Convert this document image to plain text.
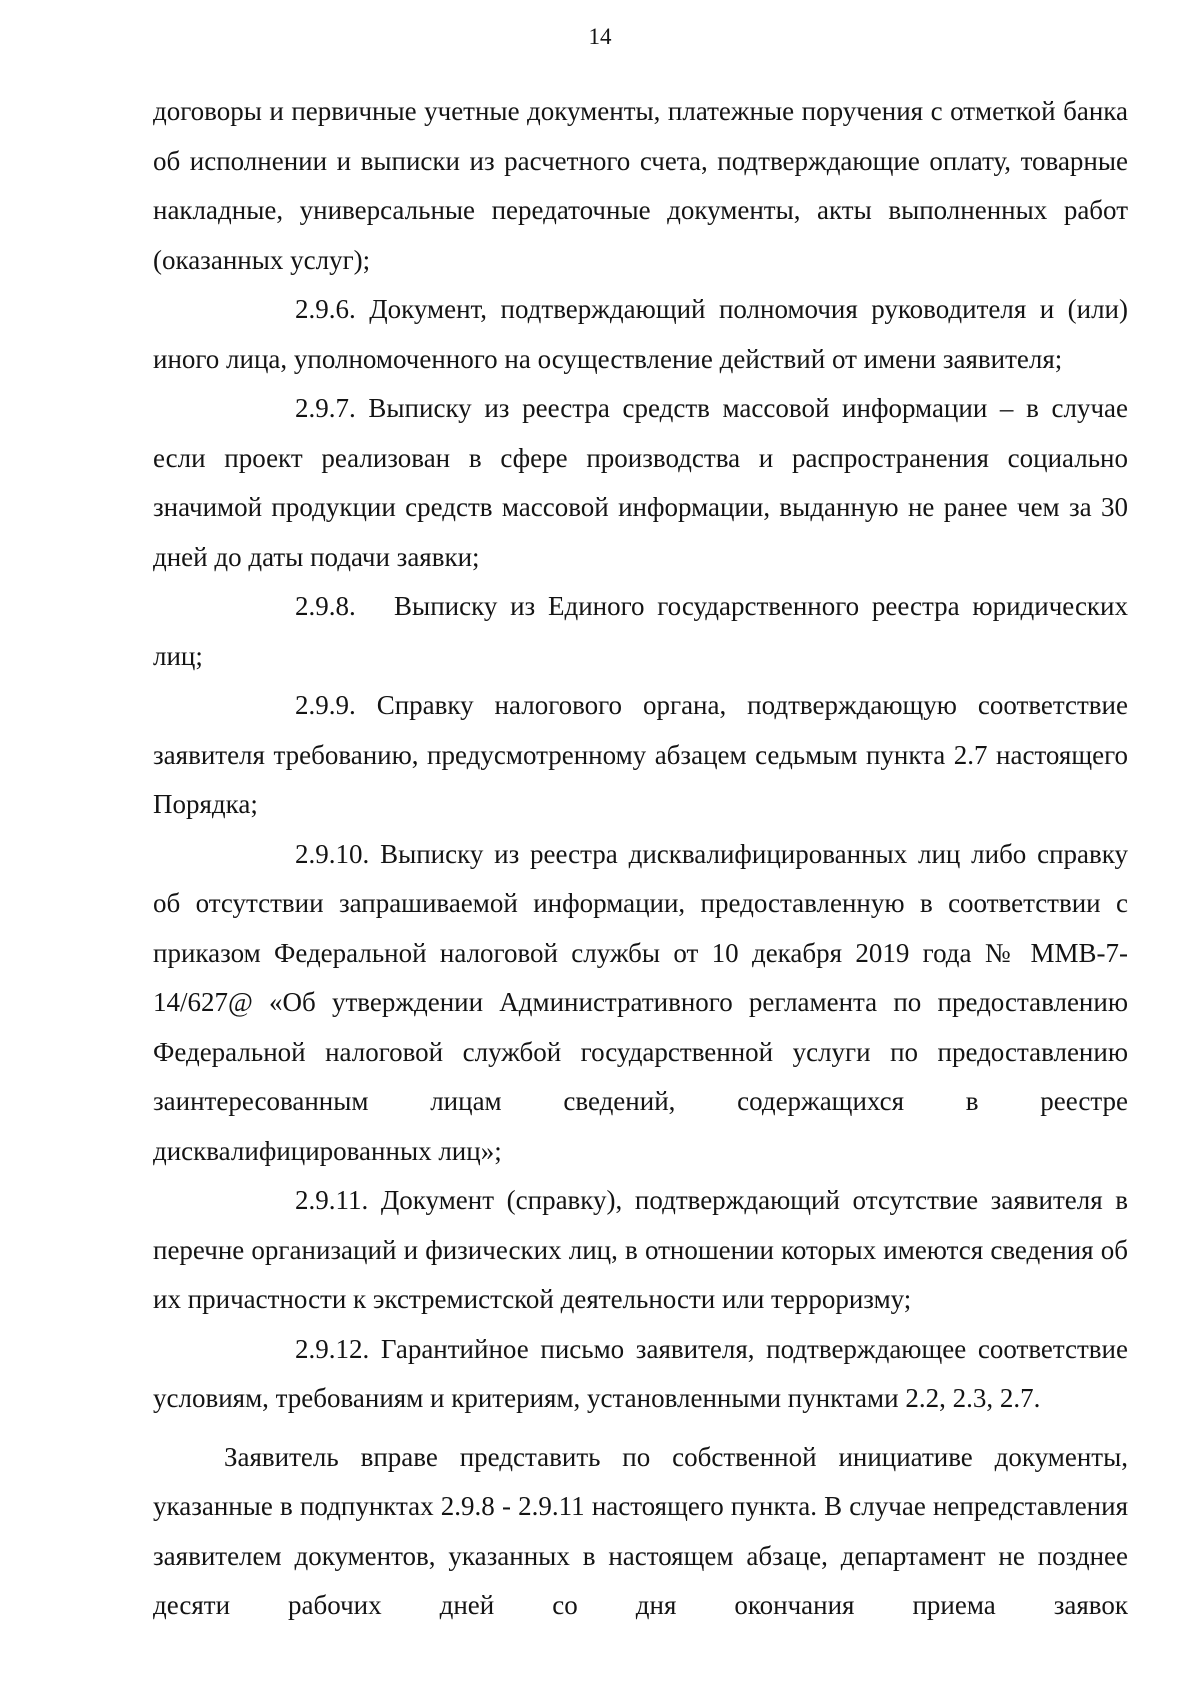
14

договоры и первичные учетные документы, платежные поручения с отметкой банка об исполнении и выписки из расчетного счета, подтверждающие оплату, товарные накладные, универсальные передаточные документы, акты выполненных работ (оказанных услуг);

2.9.6. Документ, подтверждающий полномочия руководителя и (или) иного лица, уполномоченного на осуществление действий от имени заявителя;

2.9.7. Выписку из реестра средств массовой информации – в случае если проект реализован в сфере производства и распространения социально значимой продукции средств массовой информации, выданную не ранее чем за 30 дней до даты подачи заявки;

2.9.8. Выписку из Единого государственного реестра юридических лиц;

2.9.9. Справку налогового органа, подтверждающую соответствие заявителя требованию, предусмотренному абзацем седьмым пункта 2.7 настоящего Порядка;

2.9.10. Выписку из реестра дисквалифицированных лиц либо справку об отсутствии запрашиваемой информации, предоставленную в соответствии с приказом Федеральной налоговой службы от 10 декабря 2019 года № ММВ-7-14/627@ «Об утверждении Административного регламента по предоставлению Федеральной налоговой службой государственной услуги по предоставлению заинтересованным лицам сведений, содержащихся в реестре дисквалифицированных лиц»;

2.9.11. Документ (справку), подтверждающий отсутствие заявителя в перечне организаций и физических лиц, в отношении которых имеются сведения об их причастности к экстремистской деятельности или терроризму;

2.9.12. Гарантийное письмо заявителя, подтверждающее соответствие условиям, требованиям и критериям, установленными пунктами 2.2, 2.3, 2.7.

Заявитель вправе представить по собственной инициативе документы, указанные в подпунктах 2.9.8 - 2.9.11 настоящего пункта. В случае непредставления заявителем документов, указанных в настоящем абзаце, департамент не позднее десяти рабочих дней со дня окончания приема заявок
